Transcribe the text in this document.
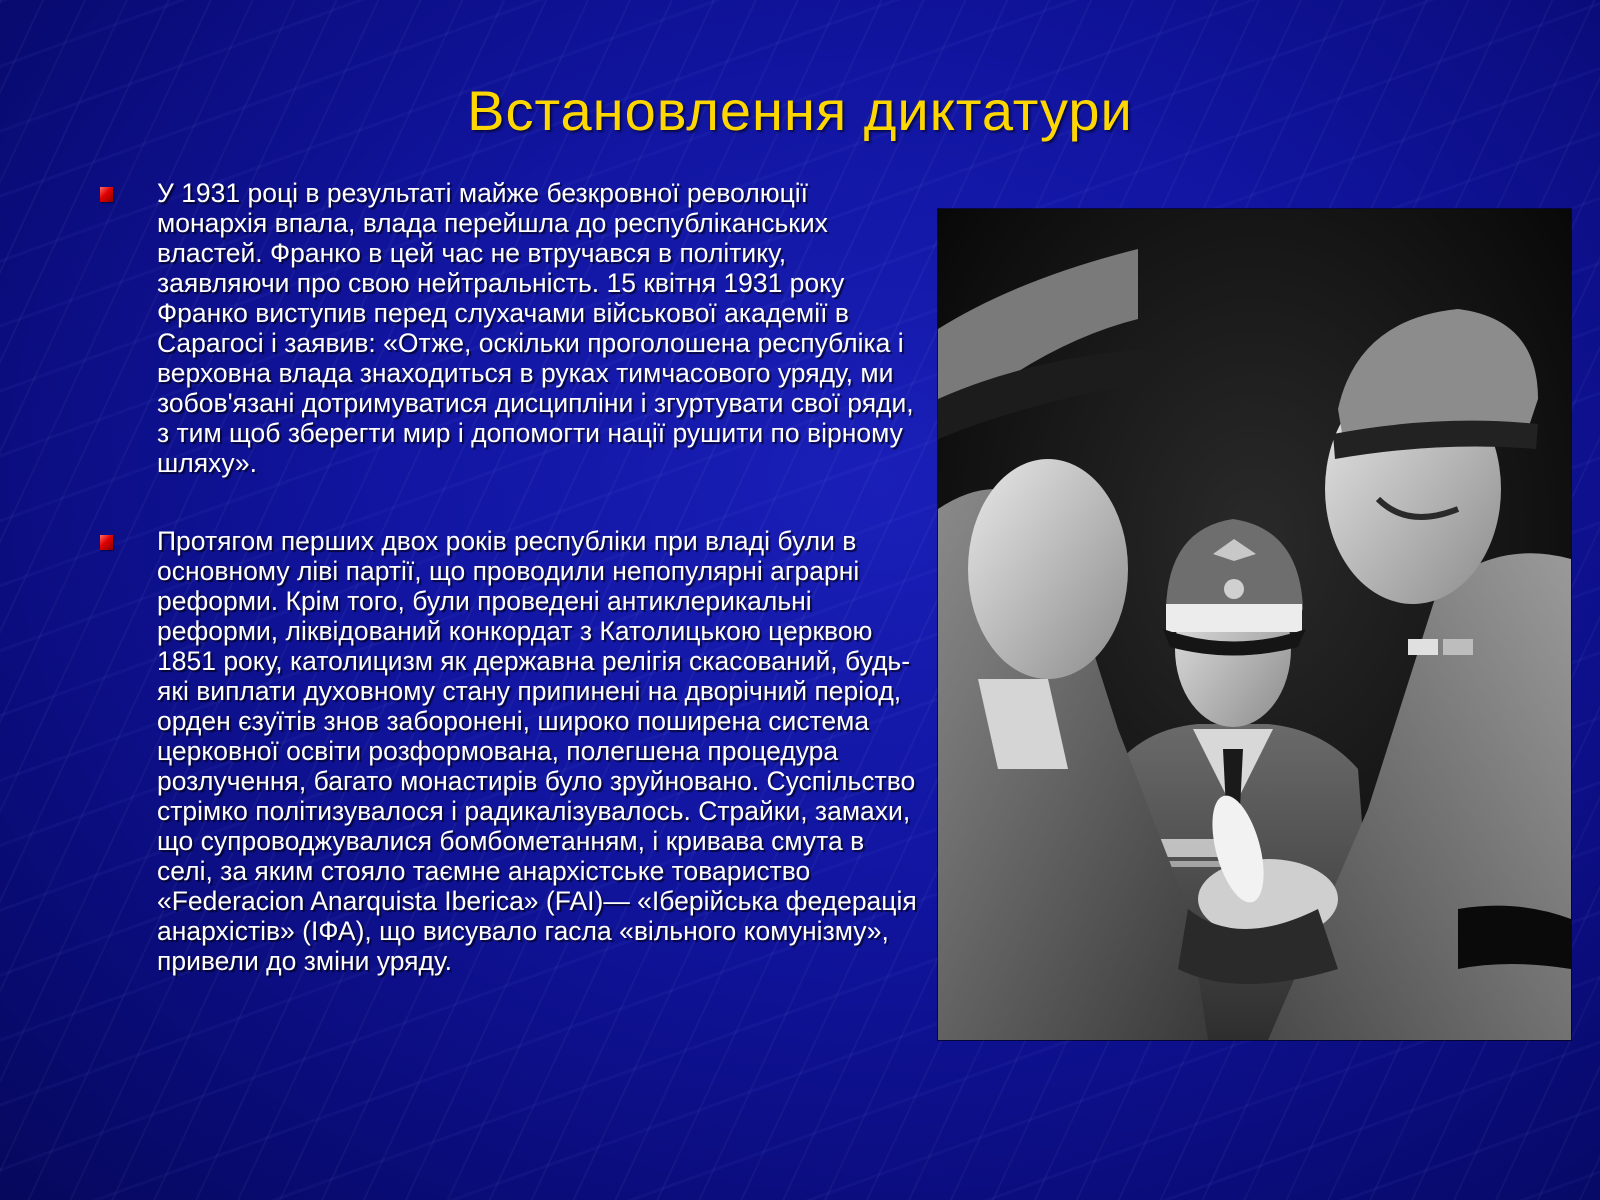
Встановлення диктатури

У 1931 році в результаті майже безкровної революції монархія впала, влада перейшла до республіканських властей. Франко в цей час не втручався в політику, заявляючи про свою нейтральність. 15 квітня 1931 року Франко виступив перед слухачами військової академії в Сарагосі і заявив: «Отже, оскільки проголошена республіка і верховна влада знаходиться в руках тимчасового уряду, ми зобов'язані дотримуватися дисципліни і згуртувати свої ряди, з тим щоб зберегти мир і допомогти нації рушити по вірному шляху».

Протягом перших двох років республіки при владі були в основному ліві партії, що проводили непопулярні аграрні реформи. Крім того, були проведені антиклерикальні реформи, ліквідований конкордат з Католицькою церквою 1851 року, католицизм як державна релігія скасований, будь-які виплати духовному стану припинені на дворічний період, орден єзуїтів знов заборонені, широко поширена система церковної освіти розформована, полегшена процедура розлучення, багато монастирів було зруйновано. Суспільство стрімко політизувалося і радикалізувалось. Страйки, замахи, що супроводжувалися бомбометанням, і кривава смута в селі, за яким стояло таємне анархістське товариство «Federacion Anarquista Iberica» (FAI)— «Іберійська федерація анархістів» (ІФА), що висувало гасла «вільного комунізму», привели до зміни уряду.
